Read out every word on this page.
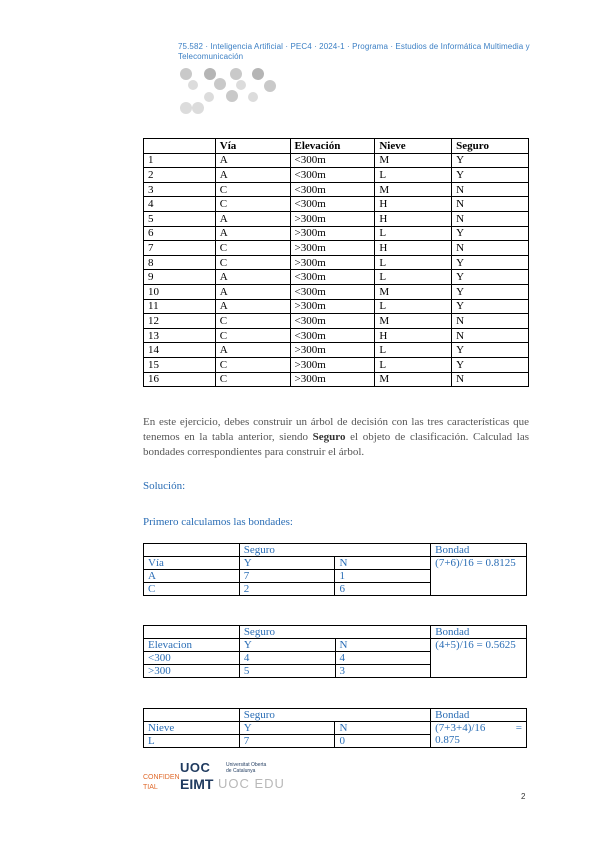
75.582 · Inteligencia Artificial · PEC4 · 2024-1 · Programa · Estudios de Informática Multimedia y Telecomunicación
	Vía	Elevación	Nieve	Seguro
1	A	<300m	M	Y
2	A	<300m	L	Y
3	C	<300m	M	N
4	C	<300m	H	N
5	A	>300m	H	N
6	A	>300m	L	Y
7	C	>300m	H	N
8	C	>300m	L	Y
9	A	<300m	L	Y
10	A	<300m	M	Y
11	A	>300m	L	Y
12	C	<300m	M	N
13	C	<300m	H	N
14	A	>300m	L	Y
15	C	>300m	L	Y
16	C	>300m	M	N
En este ejercicio, debes construir un árbol de decisión con las tres características que tenemos en la tabla anterior, siendo Seguro el objeto de clasificación. Calculad las bondades correspondientes para construir el árbol.
Solución:
Primero calculamos las bondades:
	Seguro		Bondad
Vía	Y	N	(7+6)/16 = 0.8125
A	7	1	
C	2	6	
	Seguro		Bondad
Elevacion	Y	N	(4+5)/16 = 0.5625
<300	4	4	
>300	5	3	
	Seguro		Bondad
Nieve	Y	N	(7+3+4)/16 =
0.875

L	7	0	
CONFIDEN
TIAL
UOC	Universitat Oberta
de Catalunya
EIMT UOC EDU
2
